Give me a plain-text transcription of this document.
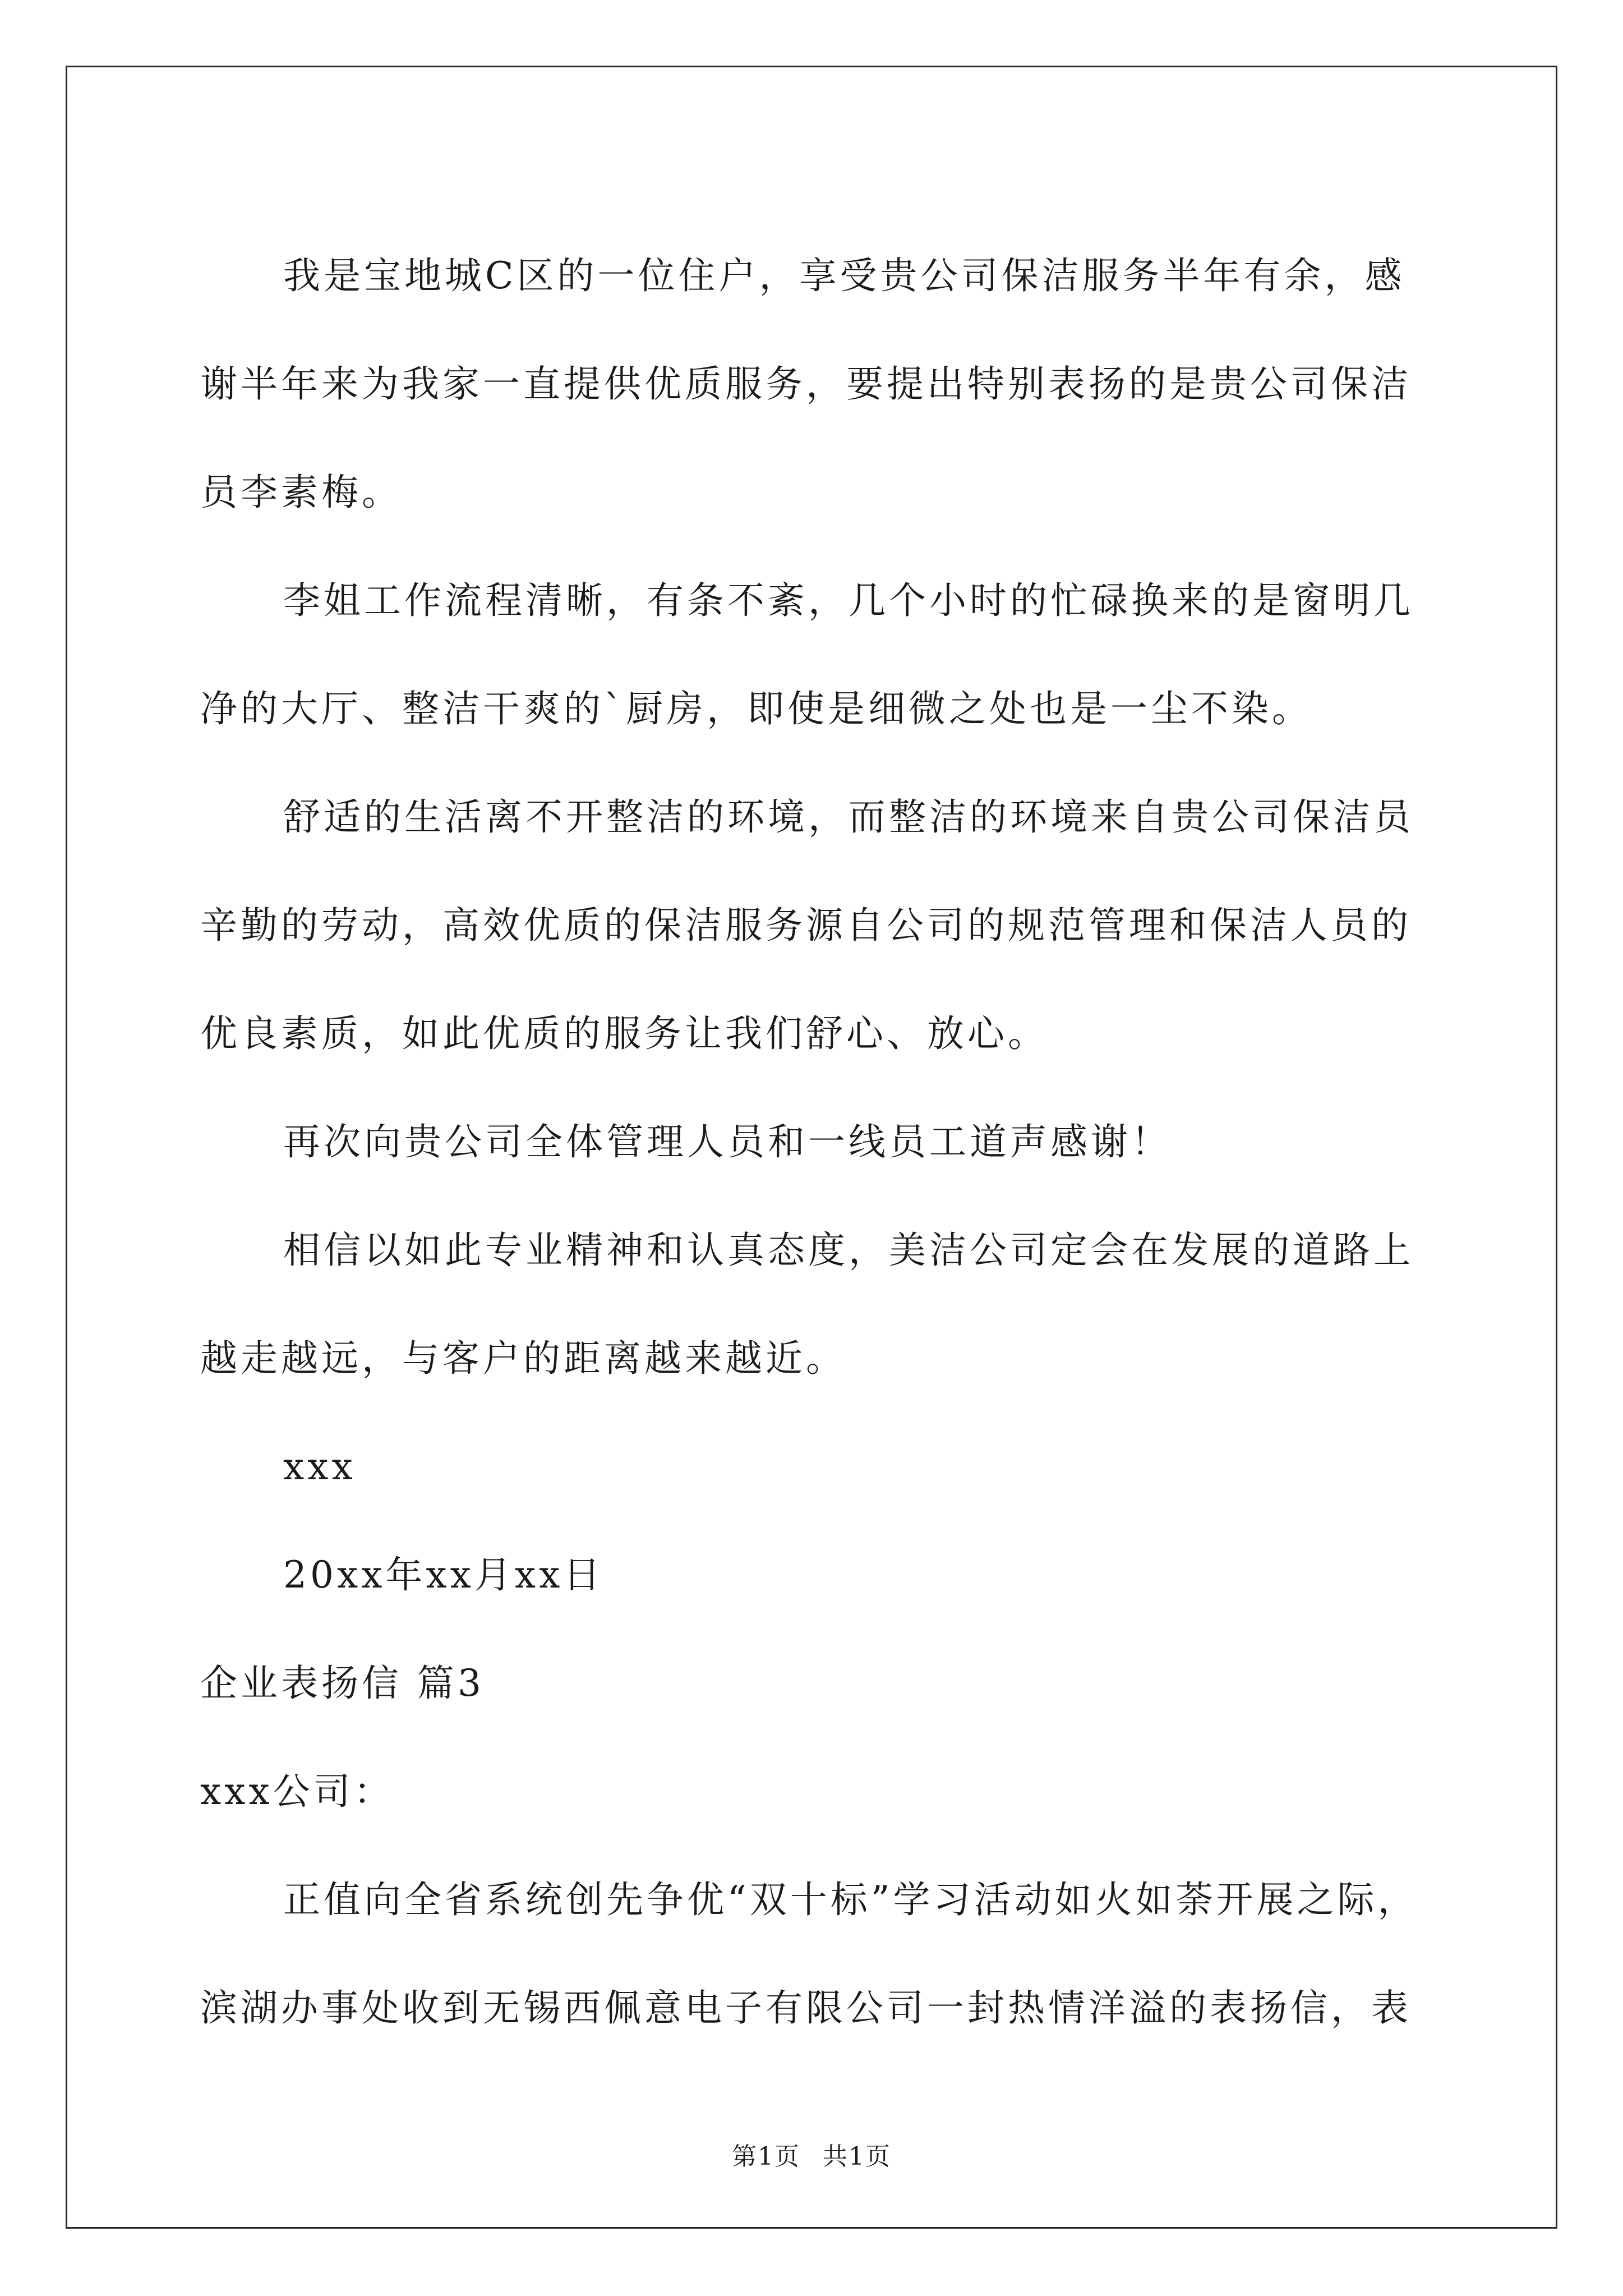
我是宝地城C区的一位住户，享受贵公司保洁服务半年有余，感谢半年来为我家一直提供优质服务，要提出特别表扬的是贵公司保洁员李素梅。

李姐工作流程清晰，有条不紊，几个小时的忙碌换来的是窗明几净的大厅、整洁干爽的`厨房，即使是细微之处也是一尘不染。

舒适的生活离不开整洁的环境，而整洁的环境来自贵公司保洁员辛勤的劳动，高效优质的保洁服务源自公司的规范管理和保洁人员的优良素质，如此优质的服务让我们舒心、放心。

再次向贵公司全体管理人员和一线员工道声感谢！

相信以如此专业精神和认真态度，美洁公司定会在发展的道路上越走越远，与客户的距离越来越近。

xxx

20xx年xx月xx日

企业表扬信 篇3

xxx公司：

正值向全省系统创先争优“双十标”学习活动如火如荼开展之际，滨湖办事处收到无锡西佩意电子有限公司一封热情洋溢的表扬信，表

第1页 共1页
